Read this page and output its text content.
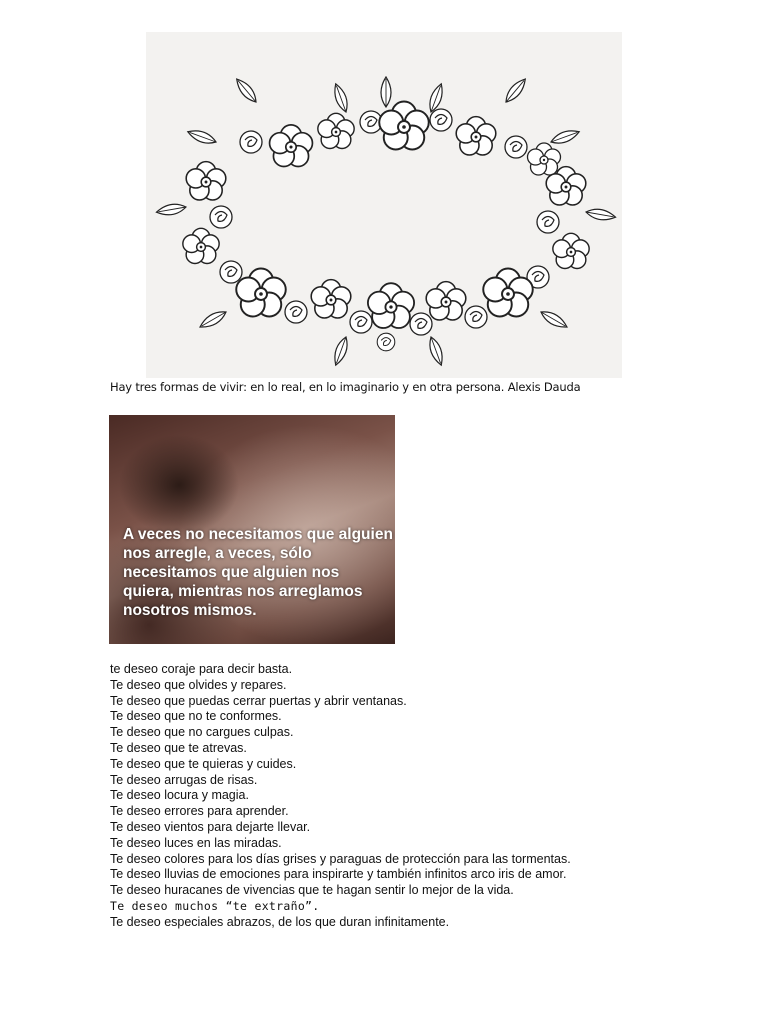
Hay tres formas de vivir: en lo real, en lo imaginario y en otra persona. Alexis Dauda
A veces no necesitamos que alguien nos arregle, a veces, sólo necesitamos que alguien nos quiera, mientras nos arreglamos nosotros mismos.
te deseo coraje para decir basta.
Te deseo que olvides y repares.
Te deseo que puedas cerrar puertas y abrir ventanas.
Te deseo que no te conformes.
Te deseo que no cargues culpas.
Te deseo que te atrevas.
Te deseo que te quieras y cuides.
Te deseo arrugas de risas.
Te deseo locura y magia.
Te deseo errores para aprender.
Te deseo vientos para dejarte llevar.
Te deseo luces en las miradas.
Te deseo colores para los días grises y paraguas de protección para las tormentas.
Te deseo lluvias de emociones para inspirarte y también infinitos arco iris de amor.
Te deseo huracanes de vivencias que te hagan sentir lo mejor de la vida.
Te deseo muchos “te extraño”.
Te deseo especiales abrazos, de los que duran infinitamente.
